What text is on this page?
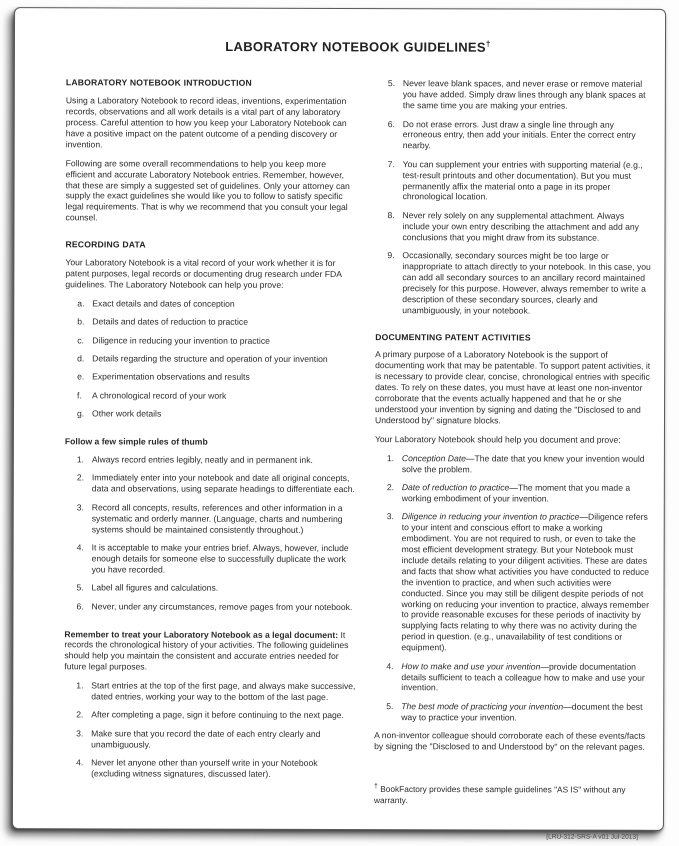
LABORATORY NOTEBOOK GUIDELINES†
LABORATORY NOTEBOOK INTRODUCTION

Using a Laboratory Notebook to record ideas, inventions, experimentation records, observations and all work details is a vital part of any laboratory process. Careful attention to how you keep your Laboratory Notebook can have a positive impact on the patent outcome of a pending discovery or invention.

Following are some overall recommendations to help you keep more efficient and accurate Laboratory Notebook entries. Remember, however, that these are simply a suggested set of guidelines. Only your attorney can supply the exact guidelines she would like you to follow to satisfy specific legal requirements. That is why we recommend that you consult your legal counsel.

RECORDING DATA

Your Laboratory Notebook is a vital record of your work whether it is for patent purposes, legal records or documenting drug research under FDA guidelines. The Laboratory Notebook can help you prove:

a. Exact details and dates of conception
b. Details and dates of reduction to practice
c. Diligence in reducing your invention to practice
d. Details regarding the structure and operation of your invention
e. Experimentation observations and results
f.	A chronological record of your work
g. Other work details
Follow a few simple rules of thumb
1. Always record entries legibly, neatly and in permanent ink.
2. Immediately enter into your notebook and date all original concepts, data and observations, using separate headings to differentiate each.
3. Record all concepts, results, references and other information in a systematic and orderly manner. (Language, charts and numbering systems should be maintained consistently throughout.)
4. It is acceptable to make your entries brief. Always, however, include enough details for someone else to successfully duplicate the work you have recorded.
5. Label all figures and calculations.
6. Never, under any circumstances, remove pages from your notebook.

Remember to treat your Laboratory Notebook as a legal document: It records the chronological history of your activities. The following guidelines should help you maintain the consistent and accurate entries needed for future legal purposes.

1. Start entries at the top of the first page, and always make successive, dated entries, working your way to the bottom of the last page.
2. After completing a page, sign it before continuing to the next page.
3. Make sure that you record the date of each entry clearly and unambiguously.
4. Never let anyone other than yourself write in your Notebook (excluding witness signatures, discussed later).
5. Never leave blank spaces, and never erase or remove material you have added. Simply draw lines through any blank spaces at the same time you are making your entries.
6. Do not erase errors. Just draw a single line through any erroneous entry, then add your initials. Enter the correct entry nearby.
7. You can supplement your entries with supporting material (e.g., test-result printouts and other documentation). But you must permanently affix the material onto a page in its proper chronological location.
8. Never rely solely on any supplemental attachment. Always include your own entry describing the attachment and add any conclusions that you might draw from its substance.
9. Occasionally, secondary sources might be too large or inappropriate to attach directly to your notebook. In this case, you can add all secondary sources to an ancillary record maintained precisely for this purpose. However, always remember to write a description of these secondary sources, clearly and unambiguously, in your notebook.
DOCUMENTING PATENT ACTIVITIES

A primary purpose of a Laboratory Notebook is the support of documenting work that may be patentable. To support patent activities, it is necessary to provide clear, concise, chronological entries with specific dates. To rely on these dates, you must have at least one non-inventor corroborate that the events actually happened and that he or she understood your invention by signing and dating the "Disclosed to and Understood by" signature blocks.

Your Laboratory Notebook should help you document and prove:

1. Conception Date—The date that you knew your invention would solve the problem.
2. Date of reduction to practice—The moment that you made a working embodiment of your invention.
3. Diligence in reducing your invention to practice—Diligence refers to your intent and conscious effort to make a working embodiment. You are not required to rush, or even to take the most efficient development strategy. But your Notebook must include details relating to your diligent activities. These are dates and facts that show what activities you have conducted to reduce the invention to practice, and when such activities were conducted. Since you may still be diligent despite periods of not working on reducing your invention to practice, always remember to provide reasonable excuses for these periods of inactivity by supplying facts relating to why there was no activity during the period in question. (e.g., unavailability of test conditions or equipment).
4. How to make and use your invention—provide documentation details sufficient to teach a colleague how to make and use your invention.
5. The best mode of practicing your invention—document the best way to practice your invention.

A non-inventor colleague should corroborate each of these events/facts by signing the "Disclosed to and Understood by" on the relevant pages.

† BookFactory provides these sample guidelines "AS IS" without any warranty.
[LRU-312-SRS-A v01 Jul-2013]
